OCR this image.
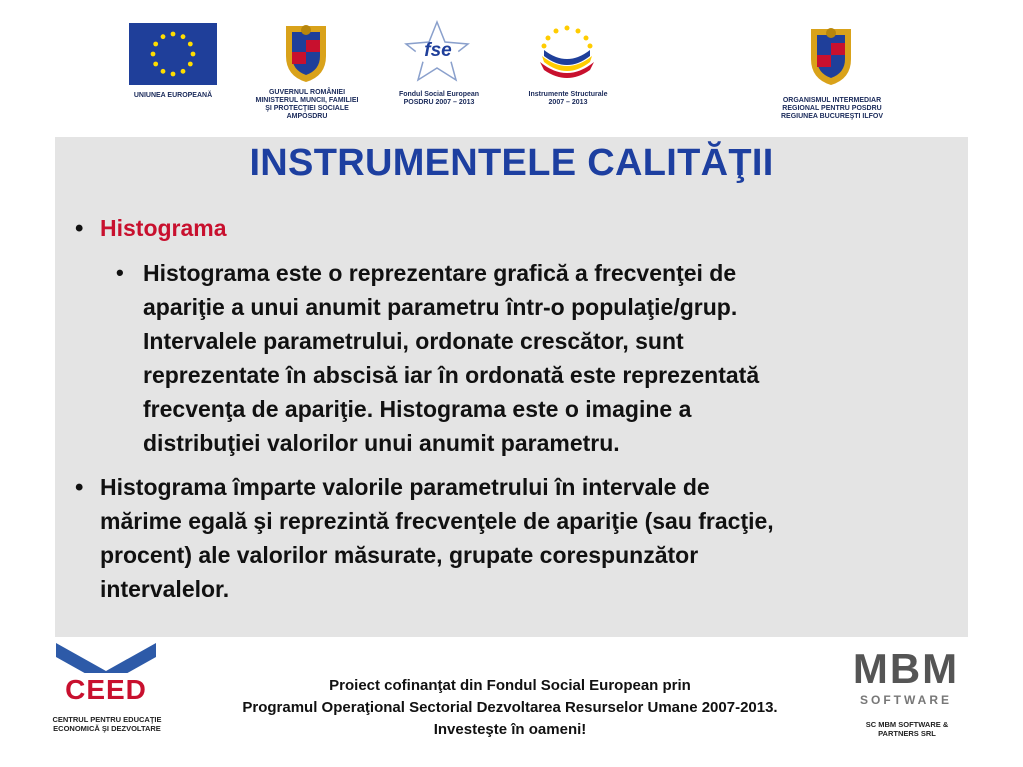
UNIUNEA EUROPEANĂ	GUVERNUL ROMÂNIEI MINISTERUL MUNCII, FAMILIEI ŞI PROTECŢIEI SOCIALE AMPOSDRU
fse
Fondul Social European POSDRU 2007 – 2013
Instrumente Structurale 2007 – 2013	ORGANISMUL INTERMEDIAR REGIONAL PENTRU POSDRU REGIUNEA BUCUREŞTI ILFOV
INSTRUMENTELE CALITĂŢII
• Histograma
• Histograma este o reprezentare grafică a frecvenţei de
apariţie a unui anumit parametru într-o populaţie/grup.
Intervalele parametrului, ordonate crescător, sunt
reprezentate în abscisă iar în ordonată este reprezentată
frecvenţa de apariţie. Histograma este o imagine a
distribuţiei valorilor unui anumit parametru.
• Histograma împarte valorile parametrului în intervale de
mărime egală şi reprezintă frecvenţele de apariţie (sau fracţie,
procent) ale valorilor măsurate, grupate corespunzător
intervalelor.
CEED
CENTRUL PENTRU EDUCAŢIE ECONOMICĂ ŞI DEZVOLTARE
Proiect cofinanţat din Fondul Social European prin
Programul Operaţional Sectorial Dezvoltarea Resurselor Umane 2007-2013.
Investeşte în oameni!
MBM
SOFTWARE
SC MBM SOFTWARE & PARTNERS SRL
